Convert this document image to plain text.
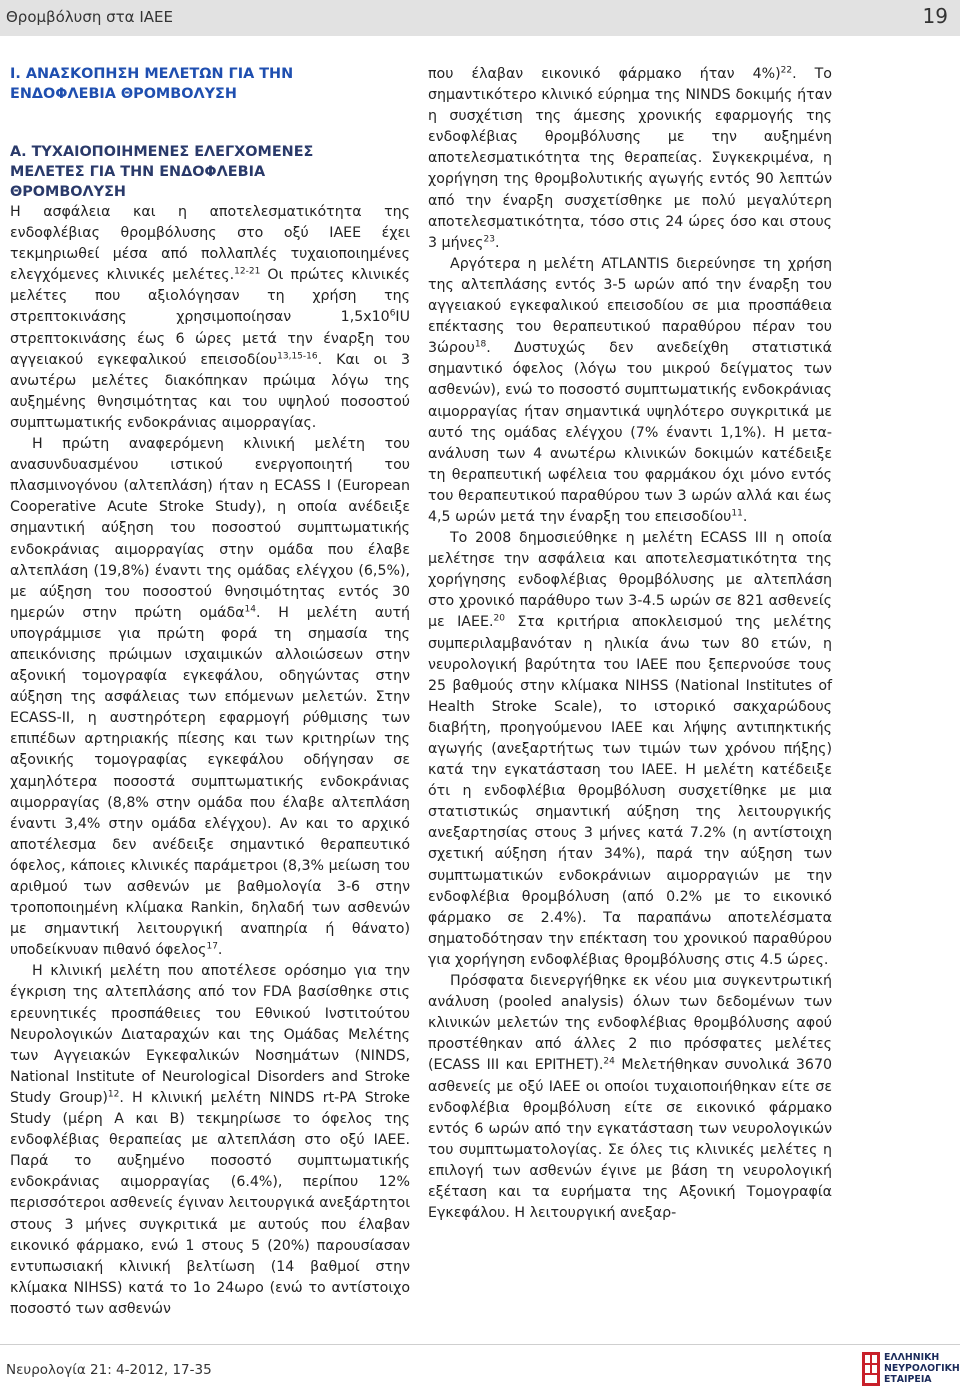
Θρομβόλυση στα ΙΑΕΕ	19
Ι. ΑΝΑΣΚΟΠΗΣΗ ΜΕΛΕΤΩΝ ΓΙΑ ΤΗΝ
ΕΝΔΟΦΛΕΒΙΑ ΘΡΟΜΒΟΛΥΣΗ
Α. ΤΥΧΑΙΟΠΟΙΗΜΕΝΕΣ ΕΛΕΓΧΟΜΕΝΕΣ
ΜΕΛΕΤΕΣ ΓΙΑ ΤΗΝ ΕΝΔΟΦΛΕΒΙΑ
ΘΡΟΜΒΟΛΥΣΗ

Η ασφάλεια και η αποτελεσματικότητα της ενδοφλέβιας θρομβόλυσης στο οξύ ΙΑΕΕ έχει τεκμηριωθεί μέσα από πολλαπλές τυχαιοποιημένες ελεγχόμενες κλινικές μελέτες.$^{12-21}$ Οι πρώτες κλινικές μελέτες που αξιολόγησαν τη χρήση της στρεπτοκινάσης χρησιμοποίησαν $1,5x10^6IU$ στρεπτοκινάσης έως 6 ώρες μετά την έναρξη του αγγειακού εγκεφαλικού επεισοδίου$^{13,15-16}$. Και οι 3 ανωτέρω μελέτες διακόπηκαν πρώιμα λόγω της αυξημένης θνησιμότητας και του υψηλού ποσοστού συμπτωματικής ενδοκράνιας αιμορραγίας.

Η πρώτη αναφερόμενη κλινική μελέτη του ανασυνδυασμένου ιστικού ενεργοποιητή του πλασμινογόνου (αλτεπλάση) ήταν η ECASS I (European Cooperative Acute Stroke Study), η οποία ανέδειξε σημαντική αύξηση του ποσοστού συμπτωματικής ενδοκράνιας αιμορραγίας στην ομάδα που έλαβε αλτεπλάση (19,8%) έναντι της ομάδας ελέγχου (6,5%), με αύξηση του ποσοστού θνησιμότητας εντός 30 ημερών στην πρώτη ομάδα$^{14}$. Η μελέτη αυτή υπογράμμισε για πρώτη φορά τη σημασία της απεικόνισης πρώιμων ισχαιμικών αλλοιώσεων στην αξονική τομογραφία εγκεφάλου, οδηγώντας στην αύξηση της ασφάλειας των επόμενων μελετών. Στην ECASS-II, η αυστηρότερη εφαρμογή ρύθμισης των επιπέδων αρτηριακής πίεσης και των κριτηρίων της αξονικής τομογραφίας εγκεφάλου οδήγησαν σε χαμηλότερα ποσοστά συμπτωματικής ενδοκράνιας αιμορραγίας (8,8% στην ομάδα που έλαβε αλτεπλάση έναντι 3,4% στην ομάδα ελέγχου). Αν και το αρχικό αποτέλεσμα δεν ανέδειξε σημαντικό θεραπευτικό όφελος, κάποιες κλινικές παράμετροι (8,3% μείωση του αριθμού των ασθενών με βαθμολογία 3-6 στην τροποποιημένη κλίμακα Rankin, δηλαδή των ασθενών με σημαντική λειτουργική αναπηρία ή θάνατο) υποδείκνυαν πιθανό όφελος$^{17}$.

Η κλινική μελέτη που αποτέλεσε ορόσημο για την έγκριση της αλτεπλάσης από τον FDA βασίσθηκε στις ερευνητικές προσπάθειες του Εθνικού Ινστιτούτου Νευρολογικών Διαταραχών και της Ομάδας Μελέτης των Αγγειακών Εγκεφαλικών Νοσημάτων (NINDS, National Institute of Neurological Disorders and Stroke Study Group)$^{12}$. Η κλινική μελέτη NINDS rt-PA Stroke Study (μέρη Α και Β) τεκμηρίωσε το όφελος της ενδοφλέβιας θεραπείας με αλτεπλάση στο οξύ ΙΑΕΕ. Παρά το αυξημένο ποσοστό συμπτωματικής ενδοκράνιας αιμορραγίας (6.4%), περίπου 12% περισσότεροι ασθενείς έγιναν λειτουργικά ανεξάρτητοι στους 3 μήνες συγκριτικά με αυτούς που έλαβαν εικονικό φάρμακο, ενώ 1 στους 5 (20%) παρουσίασαν εντυπωσιακή κλινική βελτίωση (14 βαθμοί στην κλίμακα NIHSS) κατά το 1ο 24ωρο (ενώ το αντίστοιχο ποσοστό των ασθενών

που έλαβαν εικονικό φάρμακο ήταν 4%)$^{22}$. Το σημαντικότερο κλινικό εύρημα της NINDS δοκιμής ήταν η συσχέτιση της άμεσης χρονικής εφαρμογής της ενδοφλέβιας θρομβόλυσης με την αυξημένη αποτελεσματικότητα της θεραπείας. Συγκεκριμένα, η χορήγηση της θρομβολυτικής αγωγής εντός 90 λεπτών από την έναρξη συσχετίσθηκε με πολύ μεγαλύτερη αποτελεσματικότητα, τόσο στις 24 ώρες όσο και στους 3 μήνες$^{23}$.

Αργότερα η μελέτη ATLANTIS διερεύνησε τη χρήση της αλτεπλάσης εντός 3-5 ωρών από την έναρξη του αγγειακού εγκεφαλικού επεισοδίου σε μια προσπάθεια επέκτασης του θεραπευτικού παραθύρου πέραν του 3ώρου$^{18}$. Δυστυχώς δεν ανεδείχθη στατιστικά σημαντικό όφελος (λόγω του μικρού δείγματος των ασθενών), ενώ το ποσοστό συμπτωματικής ενδοκράνιας αιμορραγίας ήταν σημαντικά υψηλότερο συγκριτικά με αυτό της ομάδας ελέγχου (7% έναντι 1,1%). Η μετα-ανάλυση των 4 ανωτέρω κλινικών δοκιμών κατέδειξε τη θεραπευτική ωφέλεια του φαρμάκου όχι μόνο εντός του θεραπευτικού παραθύρου των 3 ωρών αλλά και έως 4,5 ωρών μετά την έναρξη του επεισοδίου$^{11}$.

Το 2008 δημοσιεύθηκε η μελέτη ECASS III η οποία μελέτησε την ασφάλεια και αποτελεσματικότητα της χορήγησης ενδοφλέβιας θρομβόλυσης με αλτεπλάση στο χρονικό παράθυρο των 3-4.5 ωρών σε 821 ασθενείς με ΙΑΕΕ.$^{20}$ Στα κριτήρια αποκλεισμού της μελέτης συμπεριλαμβανόταν η ηλικία άνω των 80 ετών, η νευρολογική βαρύτητα του ΙΑΕΕ που ξεπερνούσε τους 25 βαθμούς στην κλίμακα NIHSS (National Institutes of Health Stroke Scale), το ιστορικό σακχαρώδους διαβήτη, προηγούμενου ΙΑΕΕ και λήψης αντιπηκτικής αγωγής (ανεξαρτήτως των τιμών των χρόνου πήξης) κατά την εγκατάσταση του ΙΑΕΕ. Η μελέτη κατέδειξε ότι η ενδοφλέβια θρομβόλυση συσχετίθηκε με μια στατιστικώς σημαντική αύξηση της λειτουργικής ανεξαρτησίας στους 3 μήνες κατά 7.2% (η αντίστοιχη σχετική αύξηση ήταν 34%), παρά την αύξηση των συμπτωματικών ενδοκράνιων αιμορραγιών με την ενδοφλέβια θρομβόλυση (από 0.2% με το εικονικό φάρμακο σε 2.4%). Τα παραπάνω αποτελέσματα σηματοδότησαν την επέκταση του χρονικού παραθύρου για χορήγηση ενδοφλέβιας θρομβόλυσης στις 4.5 ώρες.

Πρόσφατα διενεργήθηκε εκ νέου μια συγκεντρωτική ανάλυση (pooled analysis) όλων των δεδομένων των κλινικών μελετών της ενδοφλέβιας θρομβόλυσης αφού προστέθηκαν από άλλες 2 πιο πρόσφατες μελέτες (ECASS III και EPITHET).$^{24}$ Μελετήθηκαν συνολικά 3670 ασθενείς με οξύ ΙΑΕΕ οι οποίοι τυχαιοποιήθηκαν είτε σε ενδοφλέβια θρομβόλυση είτε σε εικονικό φάρμακο εντός 6 ωρών από την εγκατάσταση των νευρολογικών του συμπτωματολογίας. Σε όλες τις κλινικές μελέτες η επιλογή των ασθενών έγινε με βάση τη νευρολογική εξέταση και τα ευρήματα της Αξονική Τομογραφία Εγκεφάλου. Η λειτουργική ανεξαρ-

Νευρολογία 21: 4-2012, 17-35
ΕΛΛΗΝΙΚΗ
ΝΕΥΡΟΛΟΓΙΚΗ
ΕΤΑΙΡΕΙΑ
